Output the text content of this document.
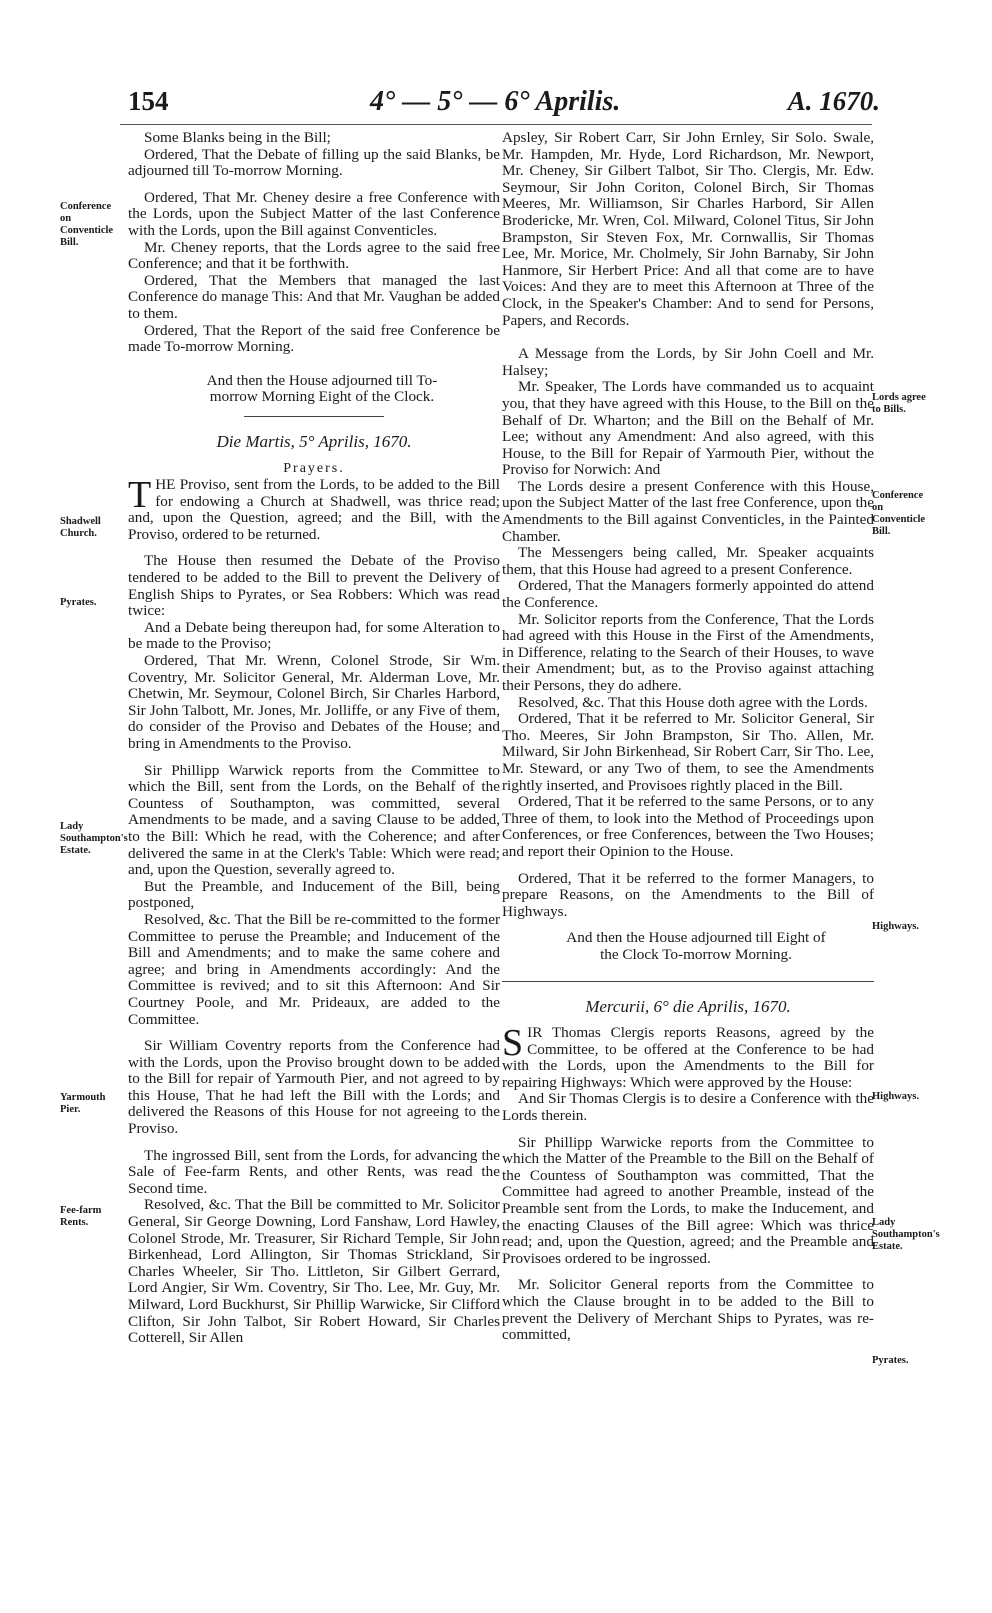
154	4° — 5° — 6° Aprilis.	A. 1670.
Conference on Conventicle Bill.
Shadwell Church.
Pyrates.
Lady Southampton's Estate.
Yarmouth Pier.
Fee-farm Rents.
Lords agree to Bills.
Conference on Conventicle Bill.
Highways.
Highways.
Lady Southampton's Estate.
Pyrates.

Some Blanks being in the Bill;

Ordered, That the Debate of filling up the said Blanks, be adjourned till To-morrow Morning.

Ordered, That Mr. Cheney desire a free Conference with the Lords, upon the Subject Matter of the last Conference with the Lords, upon the Bill against Conventicles.

Mr. Cheney reports, that the Lords agree to the said free Conference; and that it be forthwith.

Ordered, That the Members that managed the last Conference do manage This: And that Mr. Vaughan be added to them.

Ordered, That the Report of the said free Conference be made To-morrow Morning.

And then the House adjourned till To-morrow Morning Eight of the Clock.

Die Martis, 5° Aprilis, 1670.

Prayers.

THE Proviso, sent from the Lords, to be added to the Bill for endowing a Church at Shadwell, was thrice read; and, upon the Question, agreed; and the Bill, with the Proviso, ordered to be returned.

The House then resumed the Debate of the Proviso tendered to be added to the Bill to prevent the Delivery of English Ships to Pyrates, or Sea Robbers: Which was read twice:

And a Debate being thereupon had, for some Alteration to be made to the Proviso;

Ordered, That Mr. Wrenn, Colonel Strode, Sir Wm. Coventry, Mr. Solicitor General, Mr. Alderman Love, Mr. Chetwin, Mr. Seymour, Colonel Birch, Sir Charles Harbord, Sir John Talbott, Mr. Jones, Mr. Jolliffe, or any Five of them, do consider of the Proviso and Debates of the House; and bring in Amendments to the Proviso.

Sir Phillipp Warwick reports from the Committee to which the Bill, sent from the Lords, on the Behalf of the Countess of Southampton, was committed, several Amendments to be made, and a saving Clause to be added, to the Bill: Which he read, with the Coherence; and after delivered the same in at the Clerk's Table: Which were read; and, upon the Question, severally agreed to.

But the Preamble, and Inducement of the Bill, being postponed,

Resolved, &c. That the Bill be re-committed to the former Committee to peruse the Preamble; and Inducement of the Bill and Amendments; and to make the same cohere and agree; and bring in Amendments accordingly: And the Committee is revived; and to sit this Afternoon: And Sir Courtney Poole, and Mr. Prideaux, are added to the Committee.

Sir William Coventry reports from the Conference had with the Lords, upon the Proviso brought down to be added to the Bill for repair of Yarmouth Pier, and not agreed to by this House, That he had left the Bill with the Lords; and delivered the Reasons of this House for not agreeing to the Proviso.

The ingrossed Bill, sent from the Lords, for advancing the Sale of Fee-farm Rents, and other Rents, was read the Second time.

Resolved, &c. That the Bill be committed to Mr. Solicitor General, Sir George Downing, Lord Fanshaw, Lord Hawley, Colonel Strode, Mr. Treasurer, Sir Richard Temple, Sir John Birkenhead, Lord Allington, Sir Thomas Strickland, Sir Charles Wheeler, Sir Tho. Littleton, Sir Gilbert Gerrard, Lord Angier, Sir Wm. Coventry, Sir Tho. Lee, Mr. Guy, Mr. Milward, Lord Buckhurst, Sir Phillip Warwicke, Sir Clifford Clifton, Sir John Talbot, Sir Robert Howard, Sir Charles Cotterell, Sir Allen

Apsley, Sir Robert Carr, Sir John Ernley, Sir Solo. Swale, Mr. Hampden, Mr. Hyde, Lord Richardson, Mr. Newport, Mr. Cheney, Sir Gilbert Talbot, Sir Tho. Clergis, Mr. Edw. Seymour, Sir John Coriton, Colonel Birch, Sir Thomas Meeres, Mr. Williamson, Sir Charles Harbord, Sir Allen Brodericke, Mr. Wren, Col. Milward, Colonel Titus, Sir John Brampston, Sir Steven Fox, Mr. Cornwallis, Sir Thomas Lee, Mr. Morice, Mr. Cholmely, Sir John Barnaby, Sir John Hanmore, Sir Herbert Price: And all that come are to have Voices: And they are to meet this Afternoon at Three of the Clock, in the Speaker's Chamber: And to send for Persons, Papers, and Records.

A Message from the Lords, by Sir John Coell and Mr. Halsey;

Mr. Speaker, The Lords have commanded us to acquaint you, that they have agreed with this House, to the Bill on the Behalf of Dr. Wharton; and the Bill on the Behalf of Mr. Lee; without any Amendment: And also agreed, with this House, to the Bill for Repair of Yarmouth Pier, without the Proviso for Norwich: And

The Lords desire a present Conference with this House, upon the Subject Matter of the last free Conference, upon the Amendments to the Bill against Conventicles, in the Painted Chamber.

The Messengers being called, Mr. Speaker acquaints them, that this House had agreed to a present Conference.

Ordered, That the Managers formerly appointed do attend the Conference.

Mr. Solicitor reports from the Conference, That the Lords had agreed with this House in the First of the Amendments, in Difference, relating to the Search of their Houses, to wave their Amendment; but, as to the Proviso against attaching their Persons, they do adhere.

Resolved, &c. That this House doth agree with the Lords.

Ordered, That it be referred to Mr. Solicitor General, Sir Tho. Meeres, Sir John Brampston, Sir Tho. Allen, Mr. Milward, Sir John Birkenhead, Sir Robert Carr, Sir Tho. Lee, Mr. Steward, or any Two of them, to see the Amendments rightly inserted, and Provisoes rightly placed in the Bill.

Ordered, That it be referred to the same Persons, or to any Three of them, to look into the Method of Proceedings upon Conferences, or free Conferences, between the Two Houses; and report their Opinion to the House.

Ordered, That it be referred to the former Managers, to prepare Reasons, on the Amendments to the Bill of Highways.

And then the House adjourned till Eight of the Clock To-morrow Morning.

Mercurii, 6° die Aprilis, 1670.

SIR Thomas Clergis reports Reasons, agreed by the Committee, to be offered at the Conference to be had with the Lords, upon the Amendments to the Bill for repairing Highways: Which were approved by the House:

And Sir Thomas Clergis is to desire a Conference with the Lords therein.

Sir Phillipp Warwicke reports from the Committee to which the Matter of the Preamble to the Bill on the Behalf of the Countess of Southampton was committed, That the Committee had agreed to another Preamble, instead of the Preamble sent from the Lords, to make the Inducement, and the enacting Clauses of the Bill agree: Which was thrice read; and, upon the Question, agreed; and the Preamble and Provisoes ordered to be ingrossed.

Mr. Solicitor General reports from the Committee to which the Clause brought in to be added to the Bill to prevent the Delivery of Merchant Ships to Pyrates, was re-committed,
